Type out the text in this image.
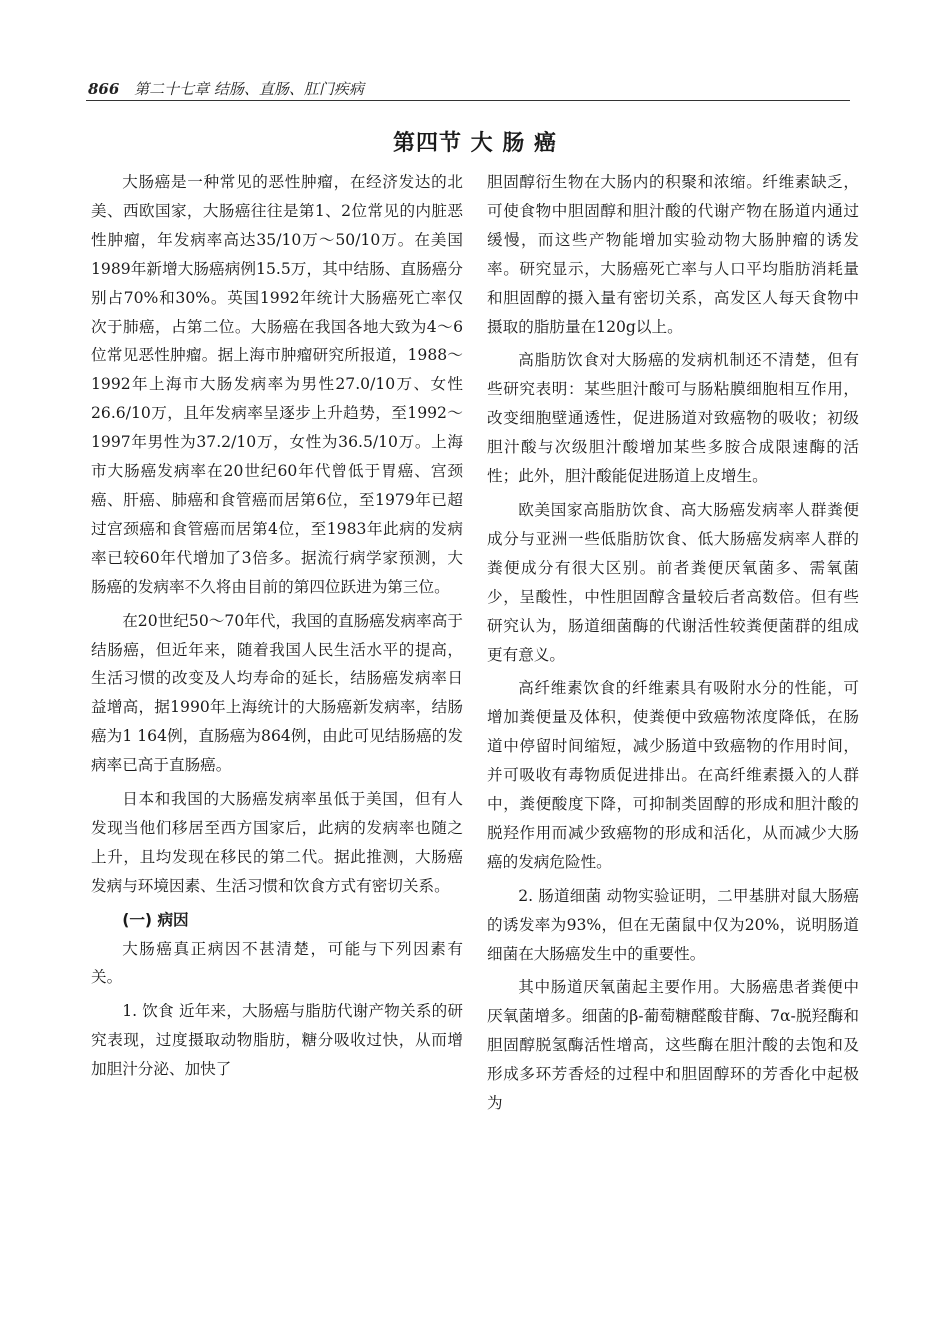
866 第二十七章 结肠、直肠、肛门疾病
第四节 大 肠 癌

大肠癌是一种常见的恶性肿瘤，在经济发达的北美、西欧国家，大肠癌往往是第1、2位常见的内脏恶性肿瘤，年发病率高达35/10万～50/10万。在美国1989年新增大肠癌病例15.5万，其中结肠、直肠癌分别占70%和30%。英国1992年统计大肠癌死亡率仅次于肺癌，占第二位。大肠癌在我国各地大致为4～6位常见恶性肿瘤。据上海市肿瘤研究所报道，1988～1992年上海市大肠发病率为男性27.0/10万、女性26.6/10万，且年发病率呈逐步上升趋势，至1992～1997年男性为37.2/10万，女性为36.5/10万。上海市大肠癌发病率在20世纪60年代曾低于胃癌、宫颈癌、肝癌、肺癌和食管癌而居第6位，至1979年已超过宫颈癌和食管癌而居第4位，至1983年此病的发病率已较60年代增加了3倍多。据流行病学家预测，大肠癌的发病率不久将由目前的第四位跃进为第三位。

在20世纪50～70年代，我国的直肠癌发病率高于结肠癌，但近年来，随着我国人民生活水平的提高，生活习惯的改变及人均寿命的延长，结肠癌发病率日益增高，据1990年上海统计的大肠癌新发病率，结肠癌为1 164例，直肠癌为864例，由此可见结肠癌的发病率已高于直肠癌。

日本和我国的大肠癌发病率虽低于美国，但有人发现当他们移居至西方国家后，此病的发病率也随之上升，且均发现在移民的第二代。据此推测，大肠癌发病与环境因素、生活习惯和饮食方式有密切关系。

(一) 病因

大肠癌真正病因不甚清楚，可能与下列因素有关。

1. 饮食 近年来，大肠癌与脂肪代谢产物关系的研究表现，过度摄取动物脂肪，糖分吸收过快，从而增加胆汁分泌、加快了

胆固醇衍生物在大肠内的积聚和浓缩。纤维素缺乏，可使食物中胆固醇和胆汁酸的代谢产物在肠道内通过缓慢，而这些产物能增加实验动物大肠肿瘤的诱发率。研究显示，大肠癌死亡率与人口平均脂肪消耗量和胆固醇的摄入量有密切关系，高发区人每天食物中摄取的脂肪量在120g以上。

高脂肪饮食对大肠癌的发病机制还不清楚，但有些研究表明：某些胆汁酸可与肠粘膜细胞相互作用，改变细胞壁通透性，促进肠道对致癌物的吸收；初级胆汁酸与次级胆汁酸增加某些多胺合成限速酶的活性；此外，胆汁酸能促进肠道上皮增生。

欧美国家高脂肪饮食、高大肠癌发病率人群粪便成分与亚洲一些低脂肪饮食、低大肠癌发病率人群的粪便成分有很大区别。前者粪便厌氧菌多、需氧菌少，呈酸性，中性胆固醇含量较后者高数倍。但有些研究认为，肠道细菌酶的代谢活性较粪便菌群的组成更有意义。

高纤维素饮食的纤维素具有吸附水分的性能，可增加粪便量及体积，使粪便中致癌物浓度降低，在肠道中停留时间缩短，减少肠道中致癌物的作用时间，并可吸收有毒物质促进排出。在高纤维素摄入的人群中，粪便酸度下降，可抑制类固醇的形成和胆汁酸的脱羟作用而减少致癌物的形成和活化，从而减少大肠癌的发病危险性。

2. 肠道细菌 动物实验证明，二甲基肼对鼠大肠癌的诱发率为93%，但在无菌鼠中仅为20%，说明肠道细菌在大肠癌发生中的重要性。

其中肠道厌氧菌起主要作用。大肠癌患者粪便中厌氧菌增多。细菌的β-葡萄糖醛酸苷酶、7α-脱羟酶和胆固醇脱氢酶活性增高，这些酶在胆汁酸的去饱和及形成多环芳香烃的过程中和胆固醇环的芳香化中起极为
